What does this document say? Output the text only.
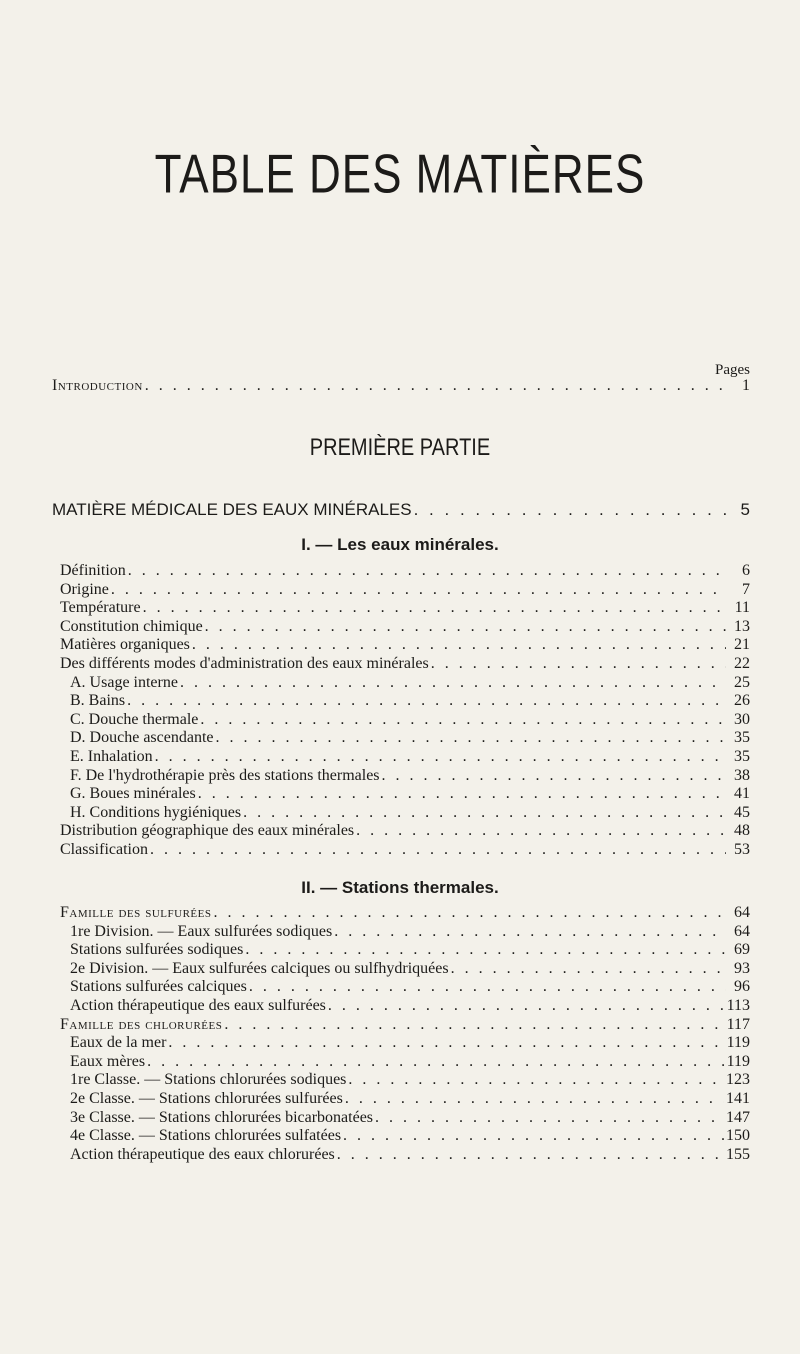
TABLE DES MATIÈRES
Pages
Introduction . . .	1
PREMIÈRE PARTIE
MATIÈRE MÉDICALE DES EAUX MINÉRALES . . .	5
I. — Les eaux minérales.
Définition . . .	6
Origine . . .	7
Température . . .	11
Constitution chimique . . .	13
Matières organiques . . .	21
Des différents modes d'administration des eaux minérales . . .	22
A. Usage interne . . .	25
B. Bains . . .	26
C. Douche thermale . . .	30
D. Douche ascendante . . .	35
E. Inhalation . . .	35
F. De l'hydrothérapie près des stations thermales . . .	38
G. Boues minérales . . .	41
H. Conditions hygiéniques . . .	45
Distribution géographique des eaux minérales . . .	48
Classification . . .	53
II. — Stations thermales.
Famille des sulfurées . . .	64
1re Division. — Eaux sulfurées sodiques . . .	64
Stations sulfurées sodiques . . .	69
2e Division. — Eaux sulfurées calciques ou sulfhydriquées . . .	93
Stations sulfurées calciques . . .	96
Action thérapeutique des eaux sulfurées . . .	113
Famille des chlorurées . . .	117
Eaux de la mer . . .	119
Eaux mères . . .	119
1re Classe. — Stations chlorurées sodiques . . .	123
2e Classe. — Stations chlorurées sulfurées . . .	141
3e Classe. — Stations chlorurées bicarbonatées . . .	147
4e Classe. — Stations chlorurées sulfatées . . .	150
Action thérapeutique des eaux chlorurées . . .	155
